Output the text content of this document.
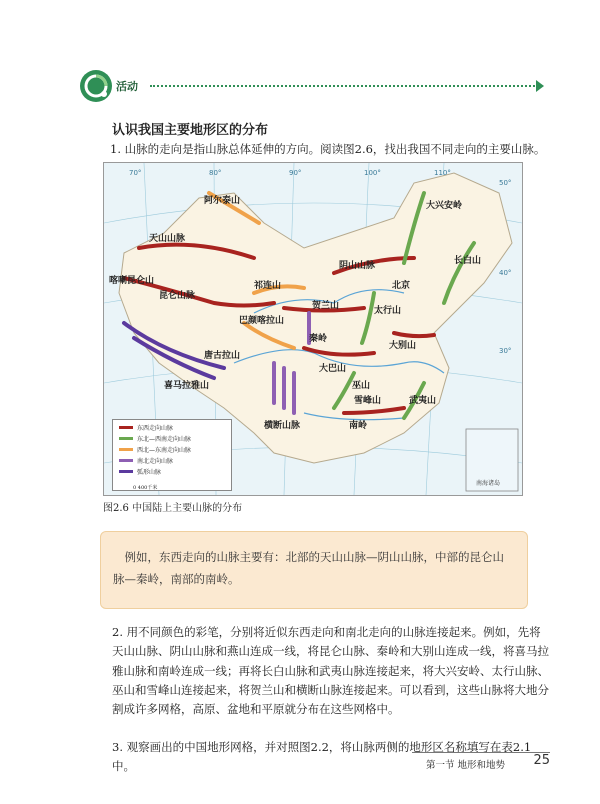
活动
认识我国主要地形区的分布
1. 山脉的走向是指山脉总体延伸的方向。阅读图2.6，找出我国不同走向的主要山脉。
阿尔泰山
天山山脉
昆仑山脉
祁连山
阴山山脉
贺兰山	太行山
大兴安岭
长白山
秦岭
大巴山
巫山
唐古拉山
喜马拉雅山
横断山脉	南岭
武夷山
雪峰山
大别山
巴颜喀拉山
北京
喀喇昆仑山
70°	80°	90°	100°	110°
50°
40°
30°
南海诸岛
东西走向山脉
东北—西南走向山脉
西北—东南走向山脉
南北走向山脉
弧形山脉
0 400千米
图2.6 中国陆上主要山脉的分布
例如，东西走向的山脉主要有：北部的天山山脉—阴山山脉，中部的昆仑山脉—秦岭，南部的南岭。
2. 用不同颜色的彩笔，分别将近似东西走向和南北走向的山脉连接起来。例如，先将天山山脉、阴山山脉和燕山连成一线，将昆仑山脉、秦岭和大别山连成一线，将喜马拉雅山脉和南岭连成一线；再将长白山脉和武夷山脉连接起来，将大兴安岭、太行山脉、巫山和雪峰山连接起来，将贺兰山和横断山脉连接起来。可以看到，这些山脉将大地分割成许多网格，高原、盆地和平原就分布在这些网格中。
3. 观察画出的中国地形网格，并对照图2.2，将山脉两侧的地形区名称填写在表2.1中。	第一节 地形和地势 25
